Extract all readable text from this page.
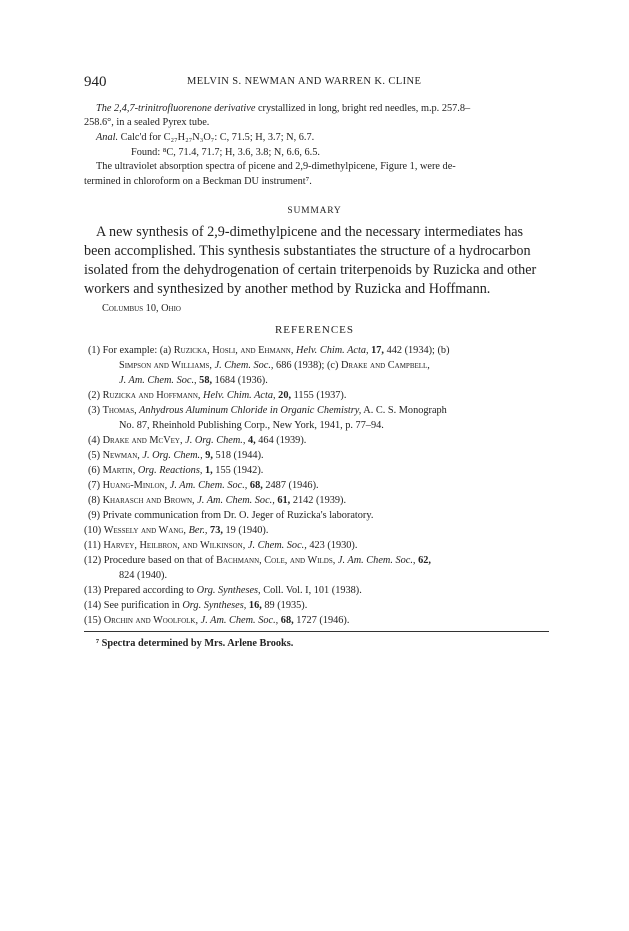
940	MELVIN S. NEWMAN AND WARREN K. CLINE
The 2,4,7-trinitrofluorenone derivative crystallized in long, bright red needles, m.p. 257.8–
258.6°, in a sealed Pyrex tube.
Anal. Calc'd for C₂₇H₂₇N₃O₇: C, 71.5; H, 3.7; N, 6.7.
Found: ⁸C, 71.4, 71.7; H, 3.6, 3.8; N, 6.6, 6.5.
The ultraviolet absorption spectra of picene and 2,9-dimethylpicene, Figure 1, were de-
termined in chloroform on a Beckman DU instrument⁷.
SUMMARY
A new synthesis of 2,9-dimethylpicene and the necessary intermediates has
been accomplished. This synthesis substantiates the structure of a hydrocarbon
isolated from the dehydrogenation of certain triterpenoids by Ruzicka and other
workers and synthesized by another method by Ruzicka and Hoffmann.
Columbus 10, Ohio
REFERENCES
(1) For example: (a) Ruzicka, Hosli, and Ehmann, Helv. Chim. Acta, 17, 442 (1934); (b)
Simpson and Williams, J. Chem. Soc., 686 (1938); (c) Drake and Campbell,
J. Am. Chem. Soc., 58, 1684 (1936).
(2) Ruzicka and Hoffmann, Helv. Chim. Acta, 20, 1155 (1937).
(3) Thomas, Anhydrous Aluminum Chloride in Organic Chemistry, A. C. S. Monograph
No. 87, Rheinhold Publishing Corp., New York, 1941, p. 77–94.
(4) Drake and McVey, J. Org. Chem., 4, 464 (1939).
(5) Newman, J. Org. Chem., 9, 518 (1944).
(6) Martin, Org. Reactions, 1, 155 (1942).
(7) Huang-Minlon, J. Am. Chem. Soc., 68, 2487 (1946).
(8) Kharasch and Brown, J. Am. Chem. Soc., 61, 2142 (1939).
(9) Private communication from Dr. O. Jeger of Ruzicka's laboratory.
(10) Wessely and Wang, Ber., 73, 19 (1940).
(11) Harvey, Heilbron, and Wilkinson, J. Chem. Soc., 423 (1930).
(12) Procedure based on that of Bachmann, Cole, and Wilds, J. Am. Chem. Soc., 62,
824 (1940).
(13) Prepared according to Org. Syntheses, Coll. Vol. I, 101 (1938).
(14) See purification in Org. Syntheses, 16, 89 (1935).
(15) Orchin and Woolfolk, J. Am. Chem. Soc., 68, 1727 (1946).
⁷ Spectra determined by Mrs. Arlene Brooks.
